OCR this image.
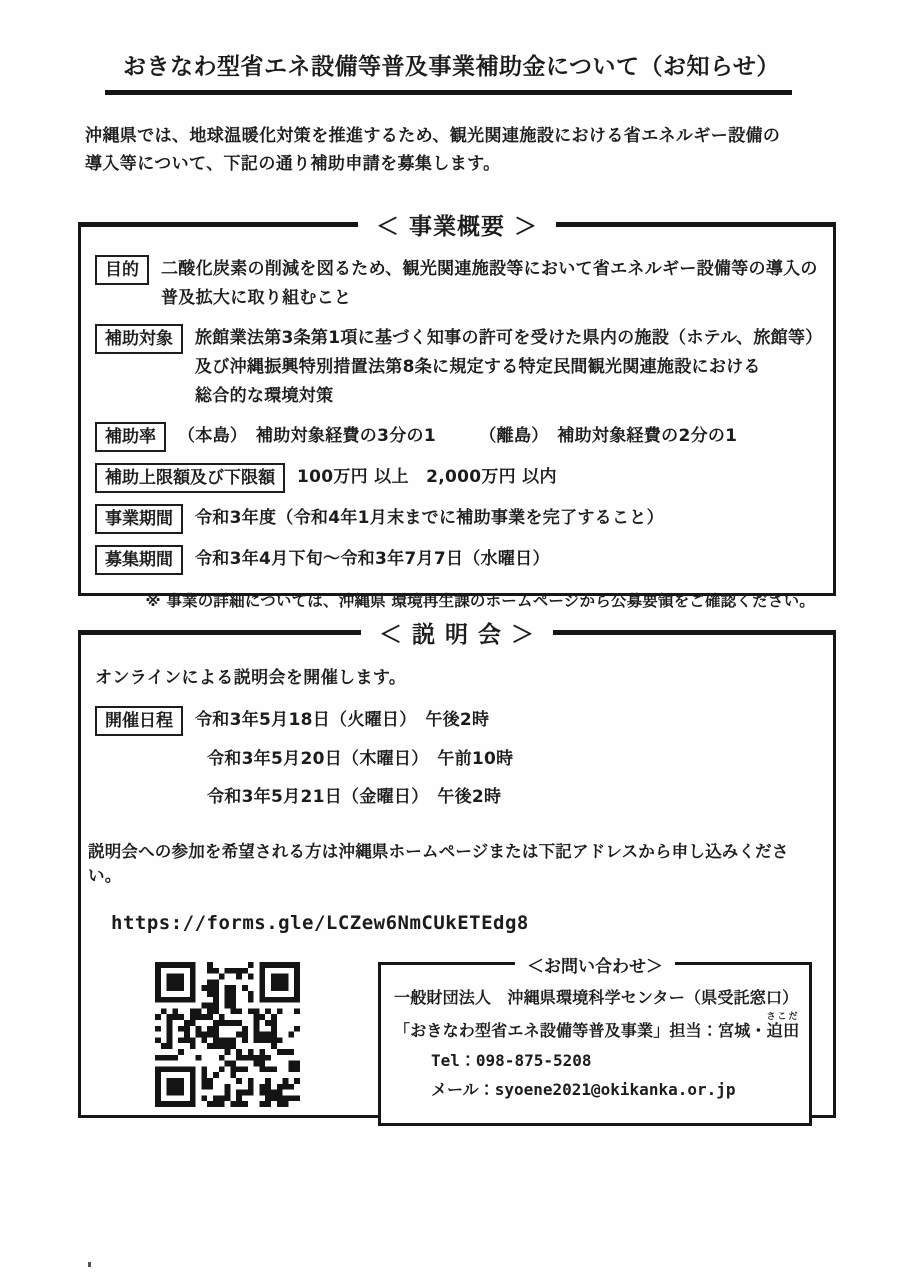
おきなわ型省エネ設備等普及事業補助金について（お知らせ）
沖縄県では、地球温暖化対策を推進するため、観光関連施設における省エネルギー設備の
導入等について、下記の通り補助申請を募集します。
＜ 事業概要 ＞
目的	二酸化炭素の削減を図るため、観光関連施設等において省エネルギー設備等の導入の
普及拡大に取り組むこと
補助対象	旅館業法第3条第1項に基づく知事の許可を受けた県内の施設（ホテル、旅館等）
及び沖縄振興特別措置法第8条に規定する特定民間観光関連施設における
総合的な環境対策
補助率	（本島）　補助対象経費の3分の1　　　（離島）　補助対象経費の2分の1
補助上限額及び下限額	100万円 以上　2,000万円 以内
事業期間	令和3年度（令和4年1月末までに補助事業を完了すること）
募集期間	令和3年4月下旬～令和3年7月7日（水曜日）
※ 事業の詳細については、沖縄県 環境再生課のホームページから公募要領をご確認ください。
＜ 説 明 会 ＞
オンラインによる説明会を開催します。
開催日程	令和3年5月18日（火曜日）　午後2時
令和3年5月20日（木曜日）　午前10時
令和3年5月21日（金曜日）　午後2時
説明会への参加を希望される方は沖縄県ホームページまたは下記アドレスから申し込みください。
https://forms.gle/LCZew6NmCUkETEdg8
＜お問い合わせ＞
一般財団法人　沖縄県環境科学センター（県受託窓口）
「おきなわ型省エネ設備等普及事業」担当：宮城・迫田さこだ
Tel：098-875-5208
メール：syoene2021@okikanka.or.jp
